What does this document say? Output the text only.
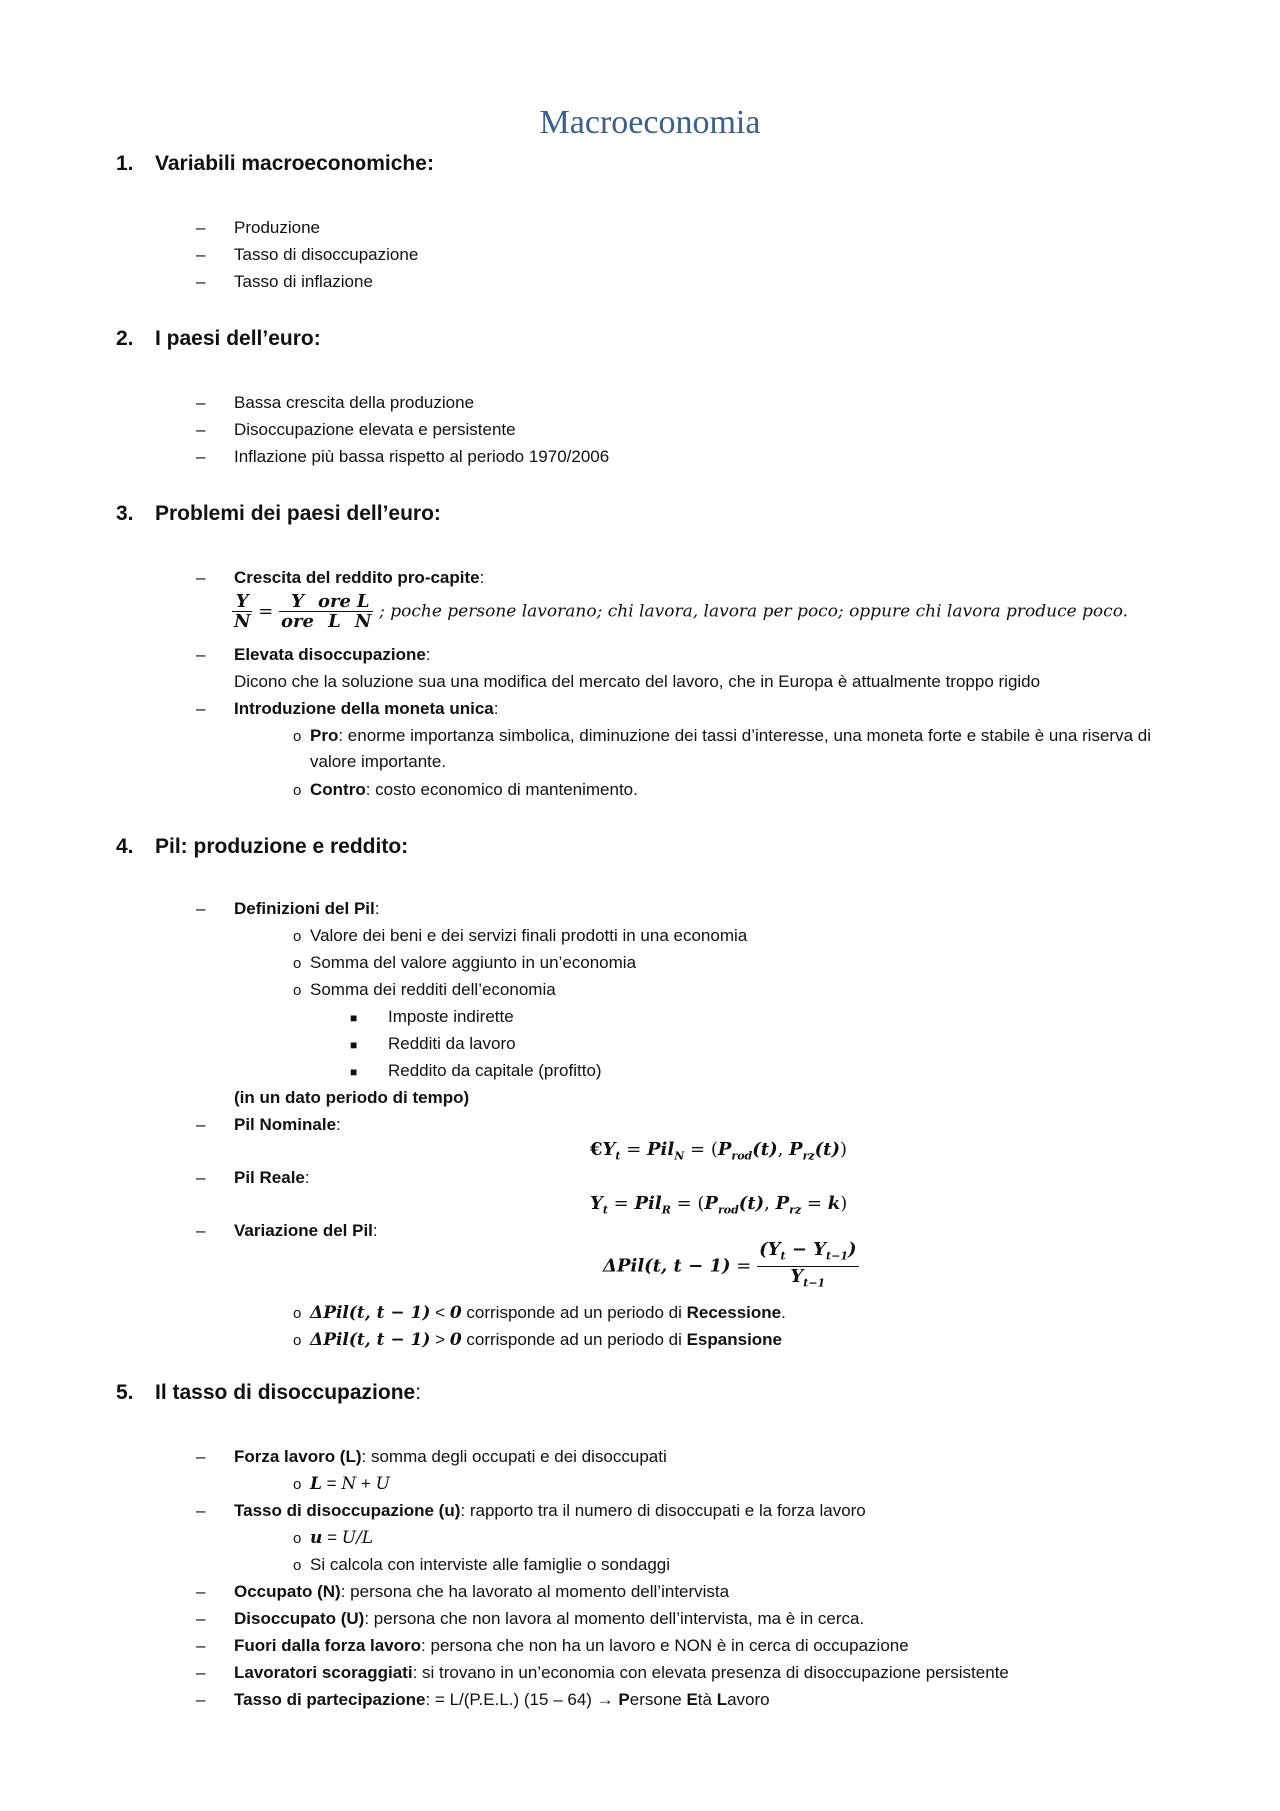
Macroeconomia
1. Variabili macroeconomiche:
– Produzione
– Tasso di disoccupazione
– Tasso di inflazione
2. I paesi dell’euro:
– Bassa crescita della produzione
– Disoccupazione elevata e persistente
– Inflazione più bassa rispetto al periodo 1970/2006
3. Problemi dei paesi dell’euro:
– Crescita del reddito pro-capite:
$\frac{Y}{N} = \frac{Y}{\text{ore}} \frac{\text{ore}}{L} \frac{L}{N}$ ; poche persone lavorano; chi lavora, lavora per poco; oppure chi lavora produce poco.
– Elevata disoccupazione:
Dicono che la soluzione sua una modifica del mercato del lavoro, che in Europa è attualmente troppo rigido
– Introduzione della moneta unica:
o Pro: enorme importanza simbolica, diminuzione dei tassi d’interesse, una moneta forte e stabile è una riserva di
valore importante.
o Contro: costo economico di mantenimento.
4. Pil: produzione e reddito:
– Definizioni del Pil:
o Valore dei beni e dei servizi finali prodotti in una economia
o Somma del valore aggiunto in un’economia
o Somma dei redditi dell’economia
■ Imposte indirette
■ Redditi da lavoro
■ Reddito da capitale (profitto)
(in un dato periodo di tempo)
– Pil Nominale:
$€Y_t = Pil_N = (P_{rod}(t)$, $P_{rz}(t)$)
– Pil Reale:
$Y_t = Pil_R = (P_{rod}(t)$, $P_{rz} = k$)
– Variazione del Pil:
ΔPil(t, $t - 1) = \frac{(Y_t - Y_{t-1})}{Y_{t-1}}$
o ΔPil(t, t − 1) < 0 corrisponde ad un periodo di Recessione.
o ΔPil(t, t − 1) > 0 corrisponde ad un periodo di Espansione
5. Il tasso di disoccupazione:
– Forza lavoro (L): somma degli occupati e dei disoccupati
o L = N + U
– Tasso di disoccupazione (u): rapporto tra il numero di disoccupati e la forza lavoro
o u = U/L
o Si calcola con interviste alle famiglie o sondaggi
– Occupato (N): persona che ha lavorato al momento dell’intervista
– Disoccupato (U): persona che non lavora al momento dell’intervista, ma è in cerca.
– Fuori dalla forza lavoro: persona che non ha un lavoro e NON è in cerca di occupazione
– Lavoratori scoraggiati: si trovano in un’economia con elevata presenza di disoccupazione persistente
– Tasso di partecipazione: = L/(P.E.L.) (15 – 64) → Persone Età Lavoro
